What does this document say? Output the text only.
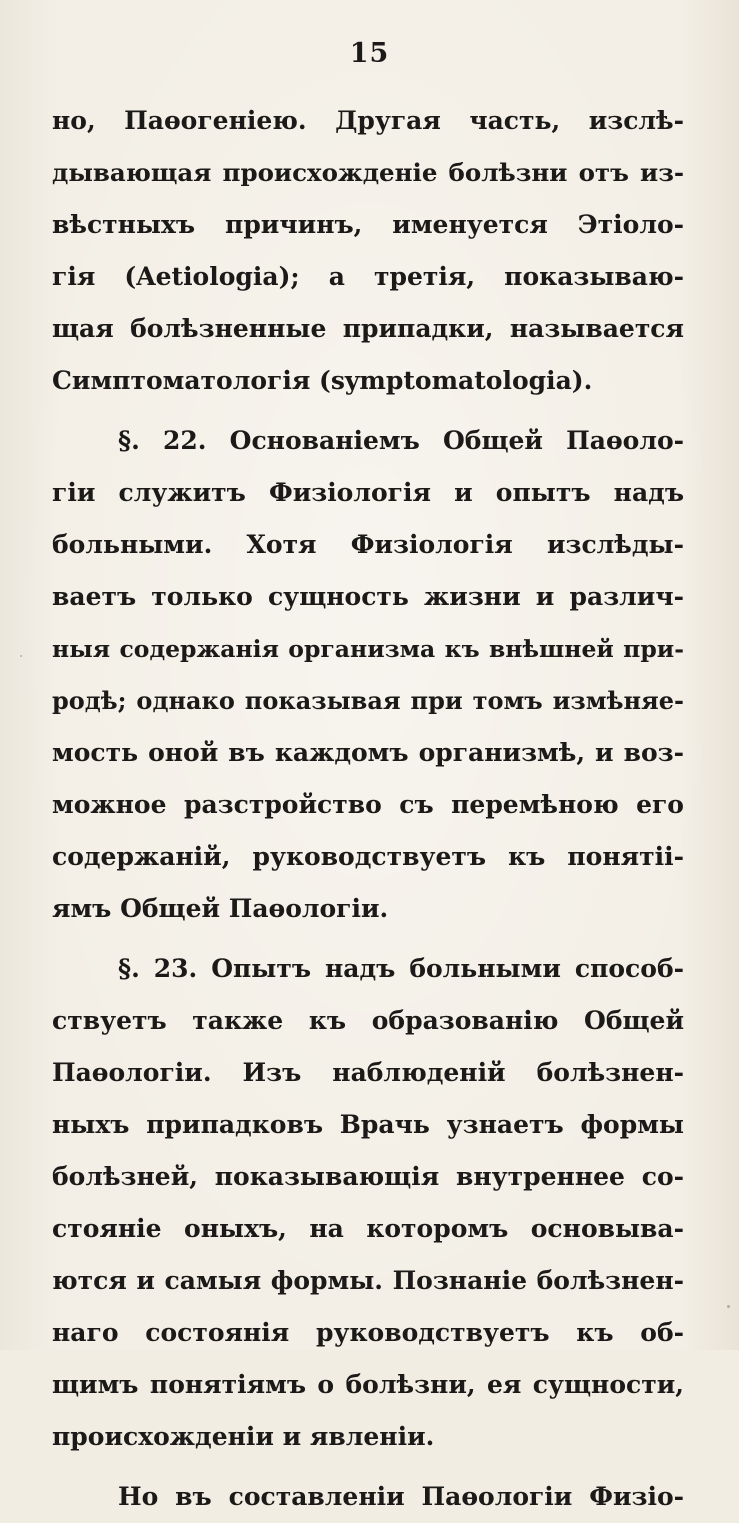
15
но, Паөогеніею. Другая часть, изслѣ-
дывающая происхожденіе болѣзни отъ из-
вѣстныхъ причинъ, именуется Этіоло-
гія (Aetiologia); а третія, показываю-
щая болѣзненные припадки, называется
Симптоматологія (symptomatologia).
§. 22. Основаніемъ Общей Паөоло-
гіи служитъ Физіологія и опытъ надъ
больными. Хотя Физіологія изслѣды-
ваетъ только сущность жизни и различ-
ныя содержанія организма къ внѣшней при-
родѣ; однако показывая при томъ измѣняе-
мость оной въ каждомъ организмѣ, и воз-
можное разстройство съ перемѣною его
содержаній, руководствуетъ къ понятіі-
ямъ Общей Паөологіи.
§. 23. Опытъ надъ больными способ-
ствуетъ также къ образованію Общей
Паөологіи. Изъ наблюденій болѣзнен-
ныхъ припадковъ Врачь узнаетъ формы
болѣзней, показывающія внутреннее со-
стояніе оныхъ, на которомъ основыва-
ются и самыя формы. Познаніе болѣзнен-
наго состоянія руководствуетъ къ об-
щимъ понятіямъ о болѣзни, ея сущности,
происхожденіи и явленіи.
Но въ составленіи Паөологіи Физіо-
